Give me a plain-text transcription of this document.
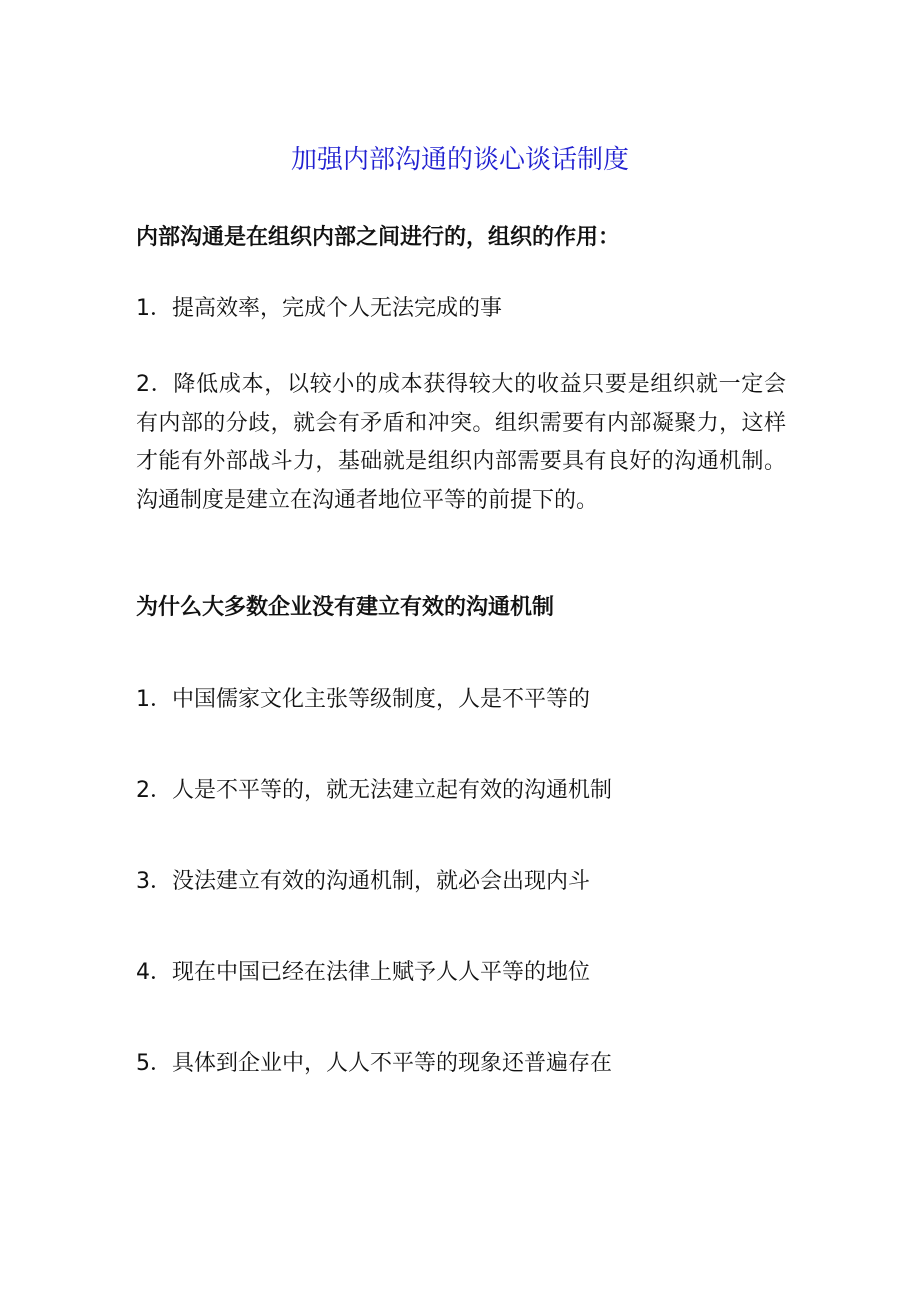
加强内部沟通的谈心谈话制度
内部沟通是在组织内部之间进行的，组织的作用：
1．提高效率，完成个人无法完成的事
2．降低成本，以较小的成本获得较大的收益只要是组织就一定会有内部的分歧，就会有矛盾和冲突。组织需要有内部凝聚力，这样才能有外部战斗力，基础就是组织内部需要具有良好的沟通机制。沟通制度是建立在沟通者地位平等的前提下的。
为什么大多数企业没有建立有效的沟通机制
1．中国儒家文化主张等级制度，人是不平等的
2．人是不平等的，就无法建立起有效的沟通机制
3．没法建立有效的沟通机制，就必会出现内斗
4．现在中国已经在法律上赋予人人平等的地位
5．具体到企业中，人人不平等的现象还普遍存在
